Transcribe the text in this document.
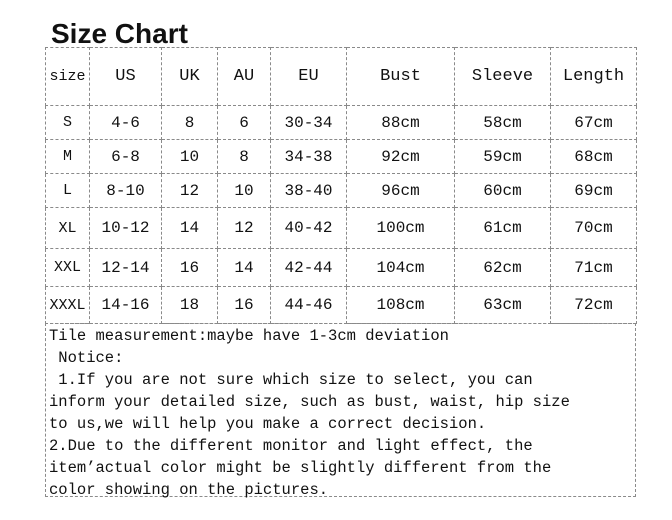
Size Chart
size	US	UK	AU	EU	Bust	Sleeve	Length
S	4-6	8	6	30-34	88cm	58cm	67cm
M	6-8	10	8	34-38	92cm	59cm	68cm
L	8-10	12	10	38-40	96cm	60cm	69cm
XL	10-12	14	12	40-42	100cm	61cm	70cm
XXL	12-14	16	14	42-44	104cm	62cm	71cm
XXXL	14-16	18	16	44-46	108cm	63cm	72cm
Tile measurement:maybe have 1-3cm deviation
Notice:
1.If you are not sure which size to select, you can
inform your detailed size, such as bust, waist, hip size
to us,we will help you make a correct decision.
2.Due to the different monitor and light effect, the
item’actual color might be slightly different from the
color showing on the pictures.
